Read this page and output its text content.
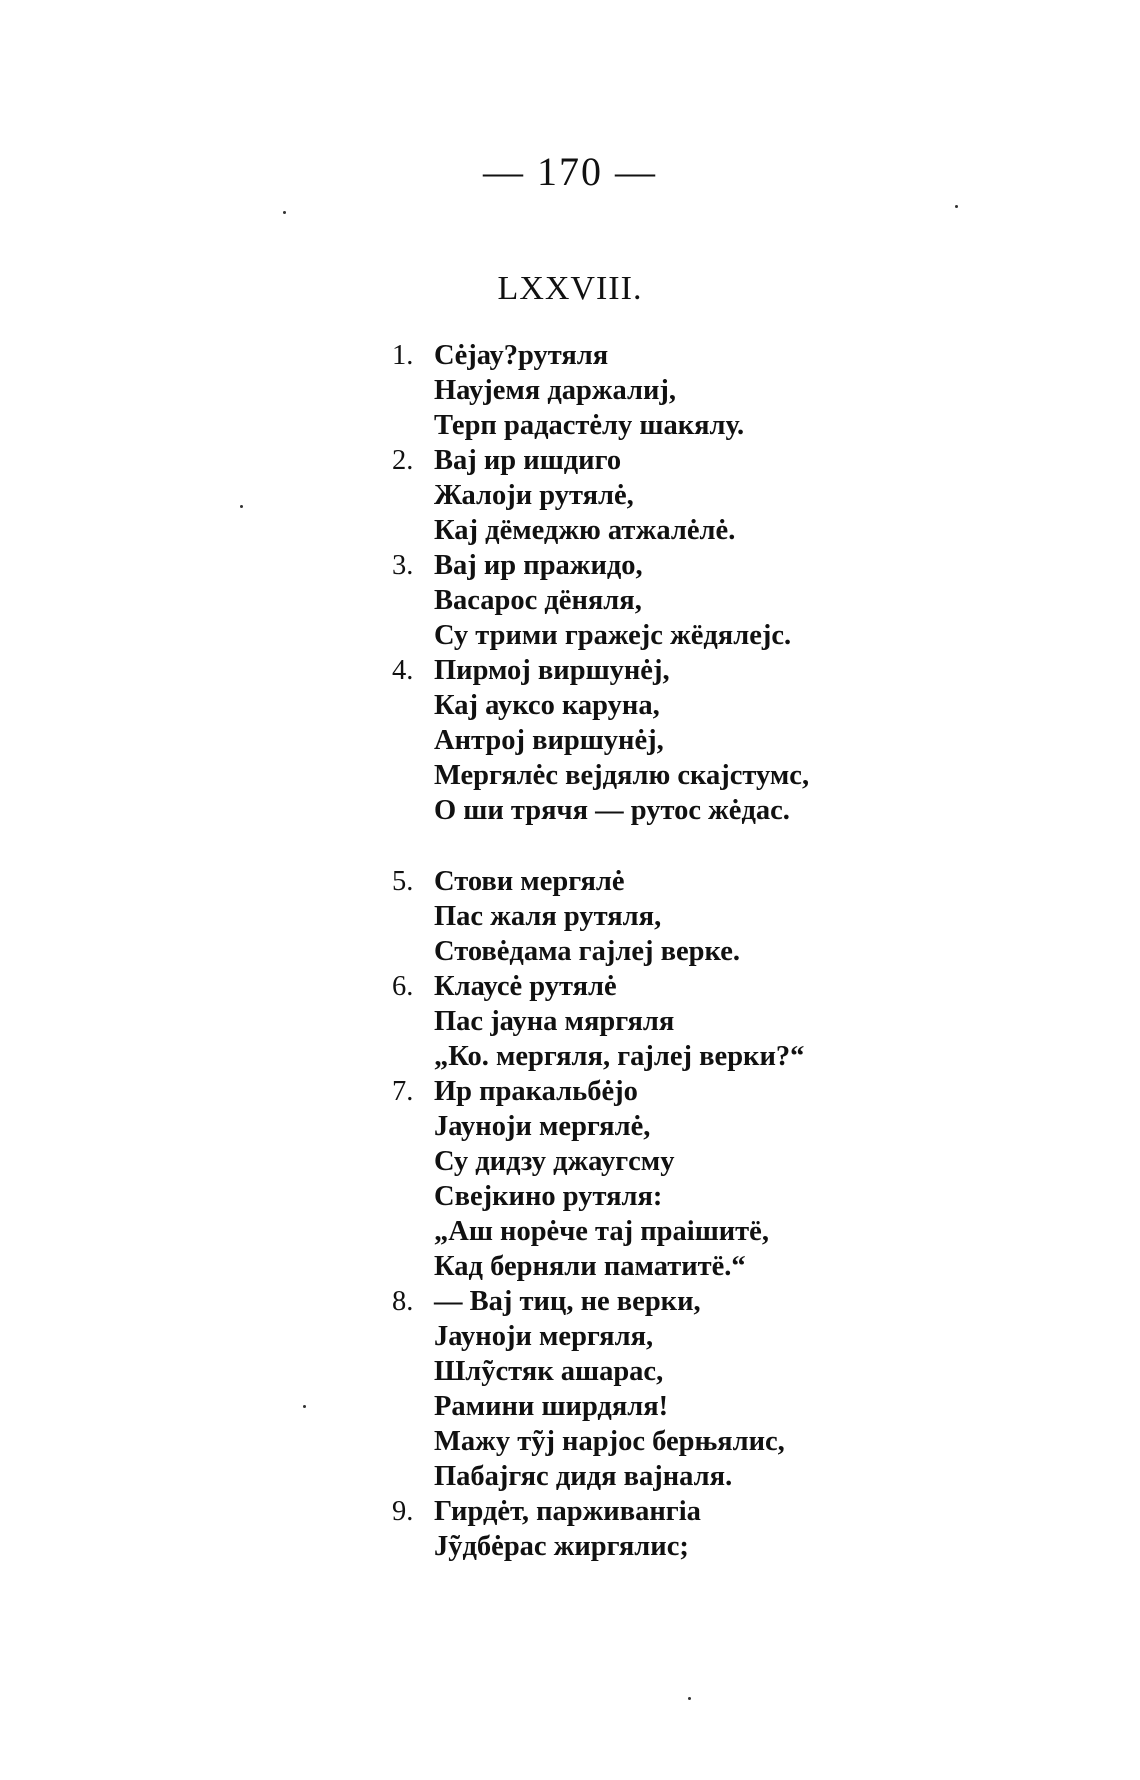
— 170 —
LXXVIII.
1. Сėјау?рутяля
Наујемя даржалиј,
Терп радастėлу шакялу.
2. Вај ир ишдиго
Жалоји рутялė,
Кај дёмеджю атжалėлė.
3. Вај ир пражидо,
Васарос дёняля,
Су трими гражејс жёдялејс.
4. Пирмој виршунėј,
Кај ауксо каруна,
Антрој виршунėј,
Мергялėс вејдялю скајстумс,
О ши трячя — рутос жėдас.
5. Стови мергялė
Пас жаля рутяля,
Стовėдама гајлеј верке.
6. Клаусė рутялė
Пас јауна мяргяля
„Ко. мергяля, гајлеј верки?“
7. Ир пракальбėјо
Јауноји мергялė,
Су дидзу джаугсму
Свејкино рутяля:
„Аш норėче тај праішитё,
Кад берняли паматитё.“
8. — Вај тиц, не верки,
Јауноји мергяля,
Шлỹстяк ашарас,
Рамини ширдяля!
Мажу тỹј нарјос берњялис,
Пабајгяс дидя вајналя.
9. Гирдėт, парживангіа
Јỹдбėрас жиргялис;
